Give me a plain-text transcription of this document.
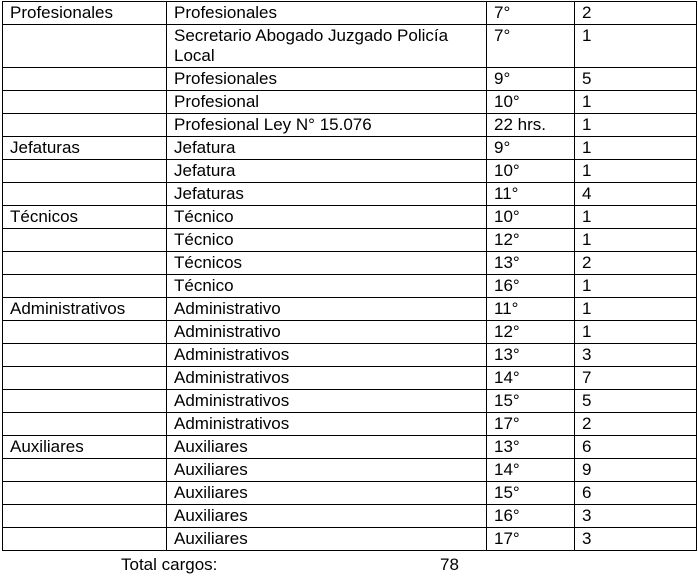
Profesionales	Profesionales	7°	2
	Secretario Abogado Juzgado Policía Local	7°	1
	Profesionales	9°	5
	Profesional	10°	1
	Profesional Ley N° 15.076	22 hrs.	1
Jefaturas	Jefatura	9°	1
	Jefatura	10°	1
	Jefaturas	11°	4
Técnicos	Técnico	10°	1
	Técnico	12°	1
	Técnicos	13°	2
	Técnico	16°	1
Administrativos	Administrativo	11°	1
	Administrativo	12°	1
	Administrativos	13°	3
	Administrativos	14°	7
	Administrativos	15°	5
	Administrativos	17°	2
Auxiliares	Auxiliares	13°	6
	Auxiliares	14°	9
	Auxiliares	15°	6
	Auxiliares	16°	3
	Auxiliares	17°	3
Total cargos:	78
